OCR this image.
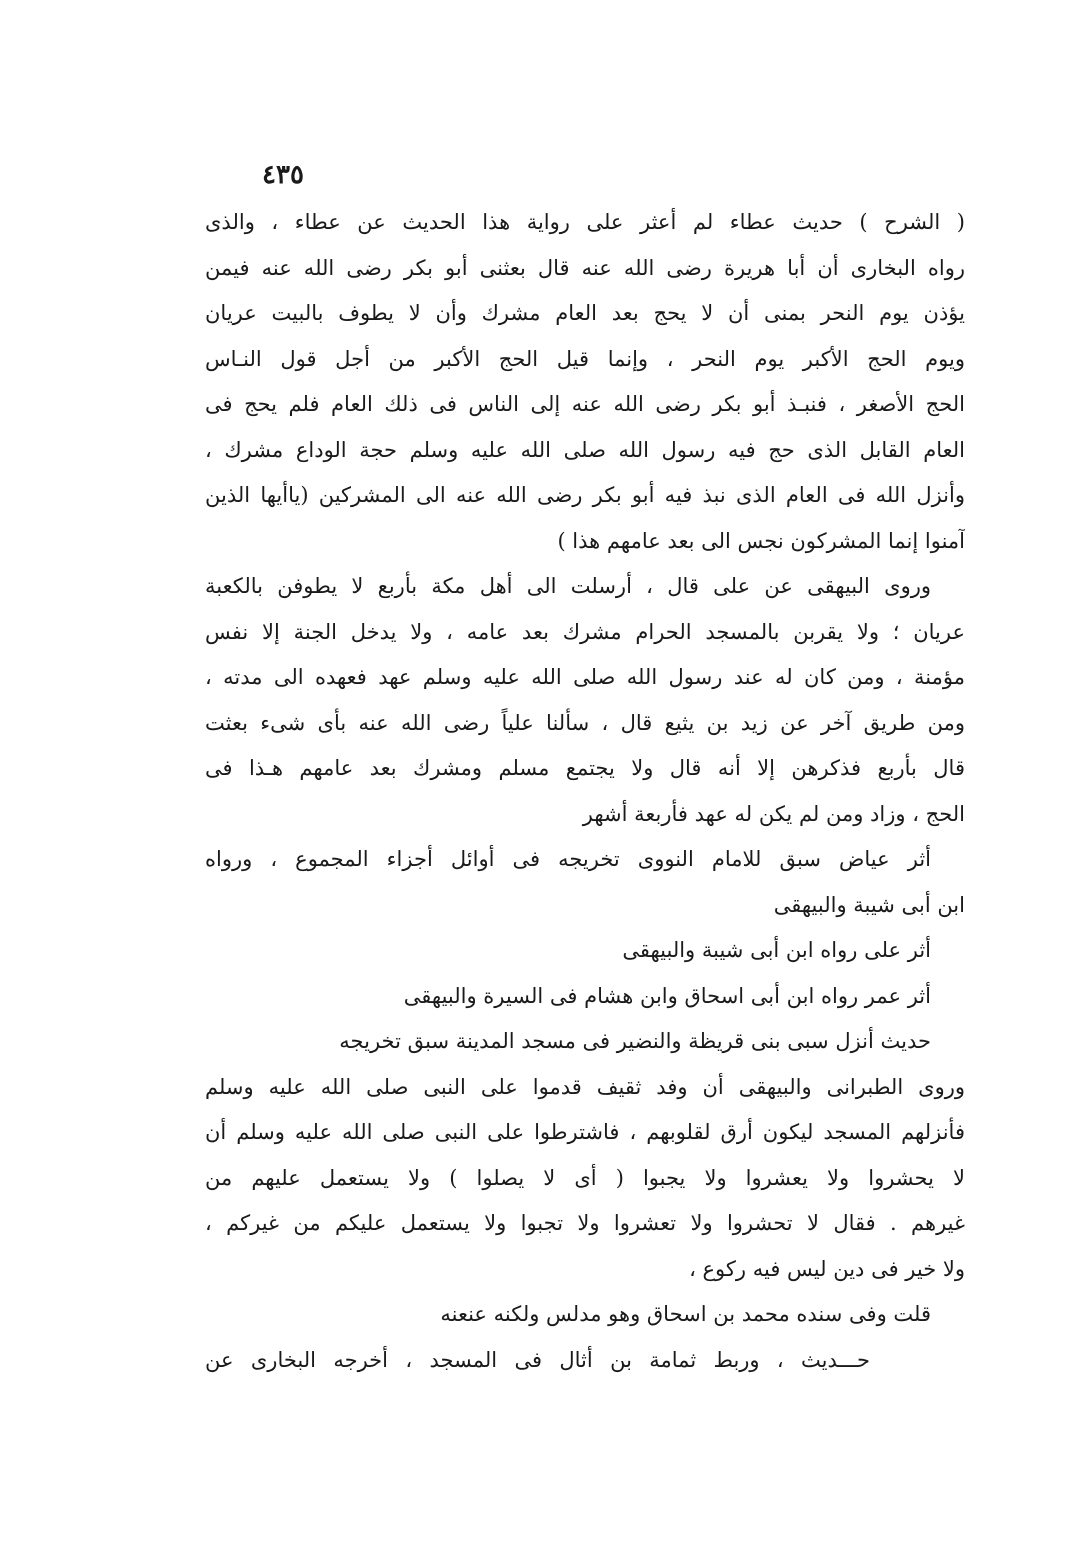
٤٣٥
( الشرح ) حديث عطاء لم أعثر على رواية هذا الحديث عن عطاء ، والذى
رواه البخارى أن أبا هريرة رضى الله عنه قال بعثنى أبو بكر رضى الله عنه فيمن
يؤذن يوم النحر بمنى أن لا يحج بعد العام مشرك وأن لا يطوف بالبيت عريان
ويوم الحج الأكبر يوم النحر ، وإنما قيل الحج الأكبر من أجل قول النـاس
الحج الأصغر ، فنبـذ أبو بكر رضى الله عنه إلى الناس فى ذلك العام فلم يحج فى
العام القابل الذى حج فيه رسول الله صلى الله عليه وسلم حجة الوداع مشرك ،
وأنزل الله فى العام الذى نبذ فيه أبو بكر رضى الله عنه الى المشركين (ياأيها الذين
آمنوا إنما المشركون نجس الى بعد عامهم هذا )
وروى البيهقى عن على قال ، أرسلت الى أهل مكة بأربع لا يطوفن بالكعبة
عريان ؛ ولا يقربن بالمسجد الحرام مشرك بعد عامه ، ولا يدخل الجنة إلا نفس
مؤمنة ، ومن كان له عند رسول الله صلى الله عليه وسلم عهد فعهده الى مدته ،
ومن طريق آخر عن زيد بن يثيع قال ، سألنا علياً رضى الله عنه بأى شىء بعثت
قال بأربع فذكرهن إلا أنه قال ولا يجتمع مسلم ومشرك بعد عامهم هـذا فى
الحج ، وزاد ومن لم يكن له عهد فأربعة أشهر
أثر عياض سبق للامام النووى تخريجه فى أوائل أجزاء المجموع ، ورواه
ابن أبى شيبة والبيهقى
أثر على رواه ابن أبى شيبة والبيهقى
أثر عمر رواه ابن أبى اسحاق وابن هشام فى السيرة والبيهقى
حديث أنزل سبى بنى قريظة والنضير فى مسجد المدينة سبق تخريجه
وروى الطبرانى والبيهقى أن وفد ثقيف قدموا على النبى صلى الله عليه وسلم
فأنزلهم المسجد ليكون أرق لقلوبهم ، فاشترطوا على النبى صلى الله عليه وسلم أن
لا يحشروا ولا يعشروا ولا يجبوا ( أى لا يصلوا ) ولا يستعمل عليهم من
غيرهم . فقال لا تحشروا ولا تعشروا ولا تجبوا ولا يستعمل عليكم من غيركم ،
ولا خير فى دين ليس فيه ركوع ،
قلت وفى سنده محمد بن اسحاق وهو مدلس ولكنه عنعنه
حـــديث ، وربط ثمامة بن أثال فى المسجد ، أخرجه البخارى عن
